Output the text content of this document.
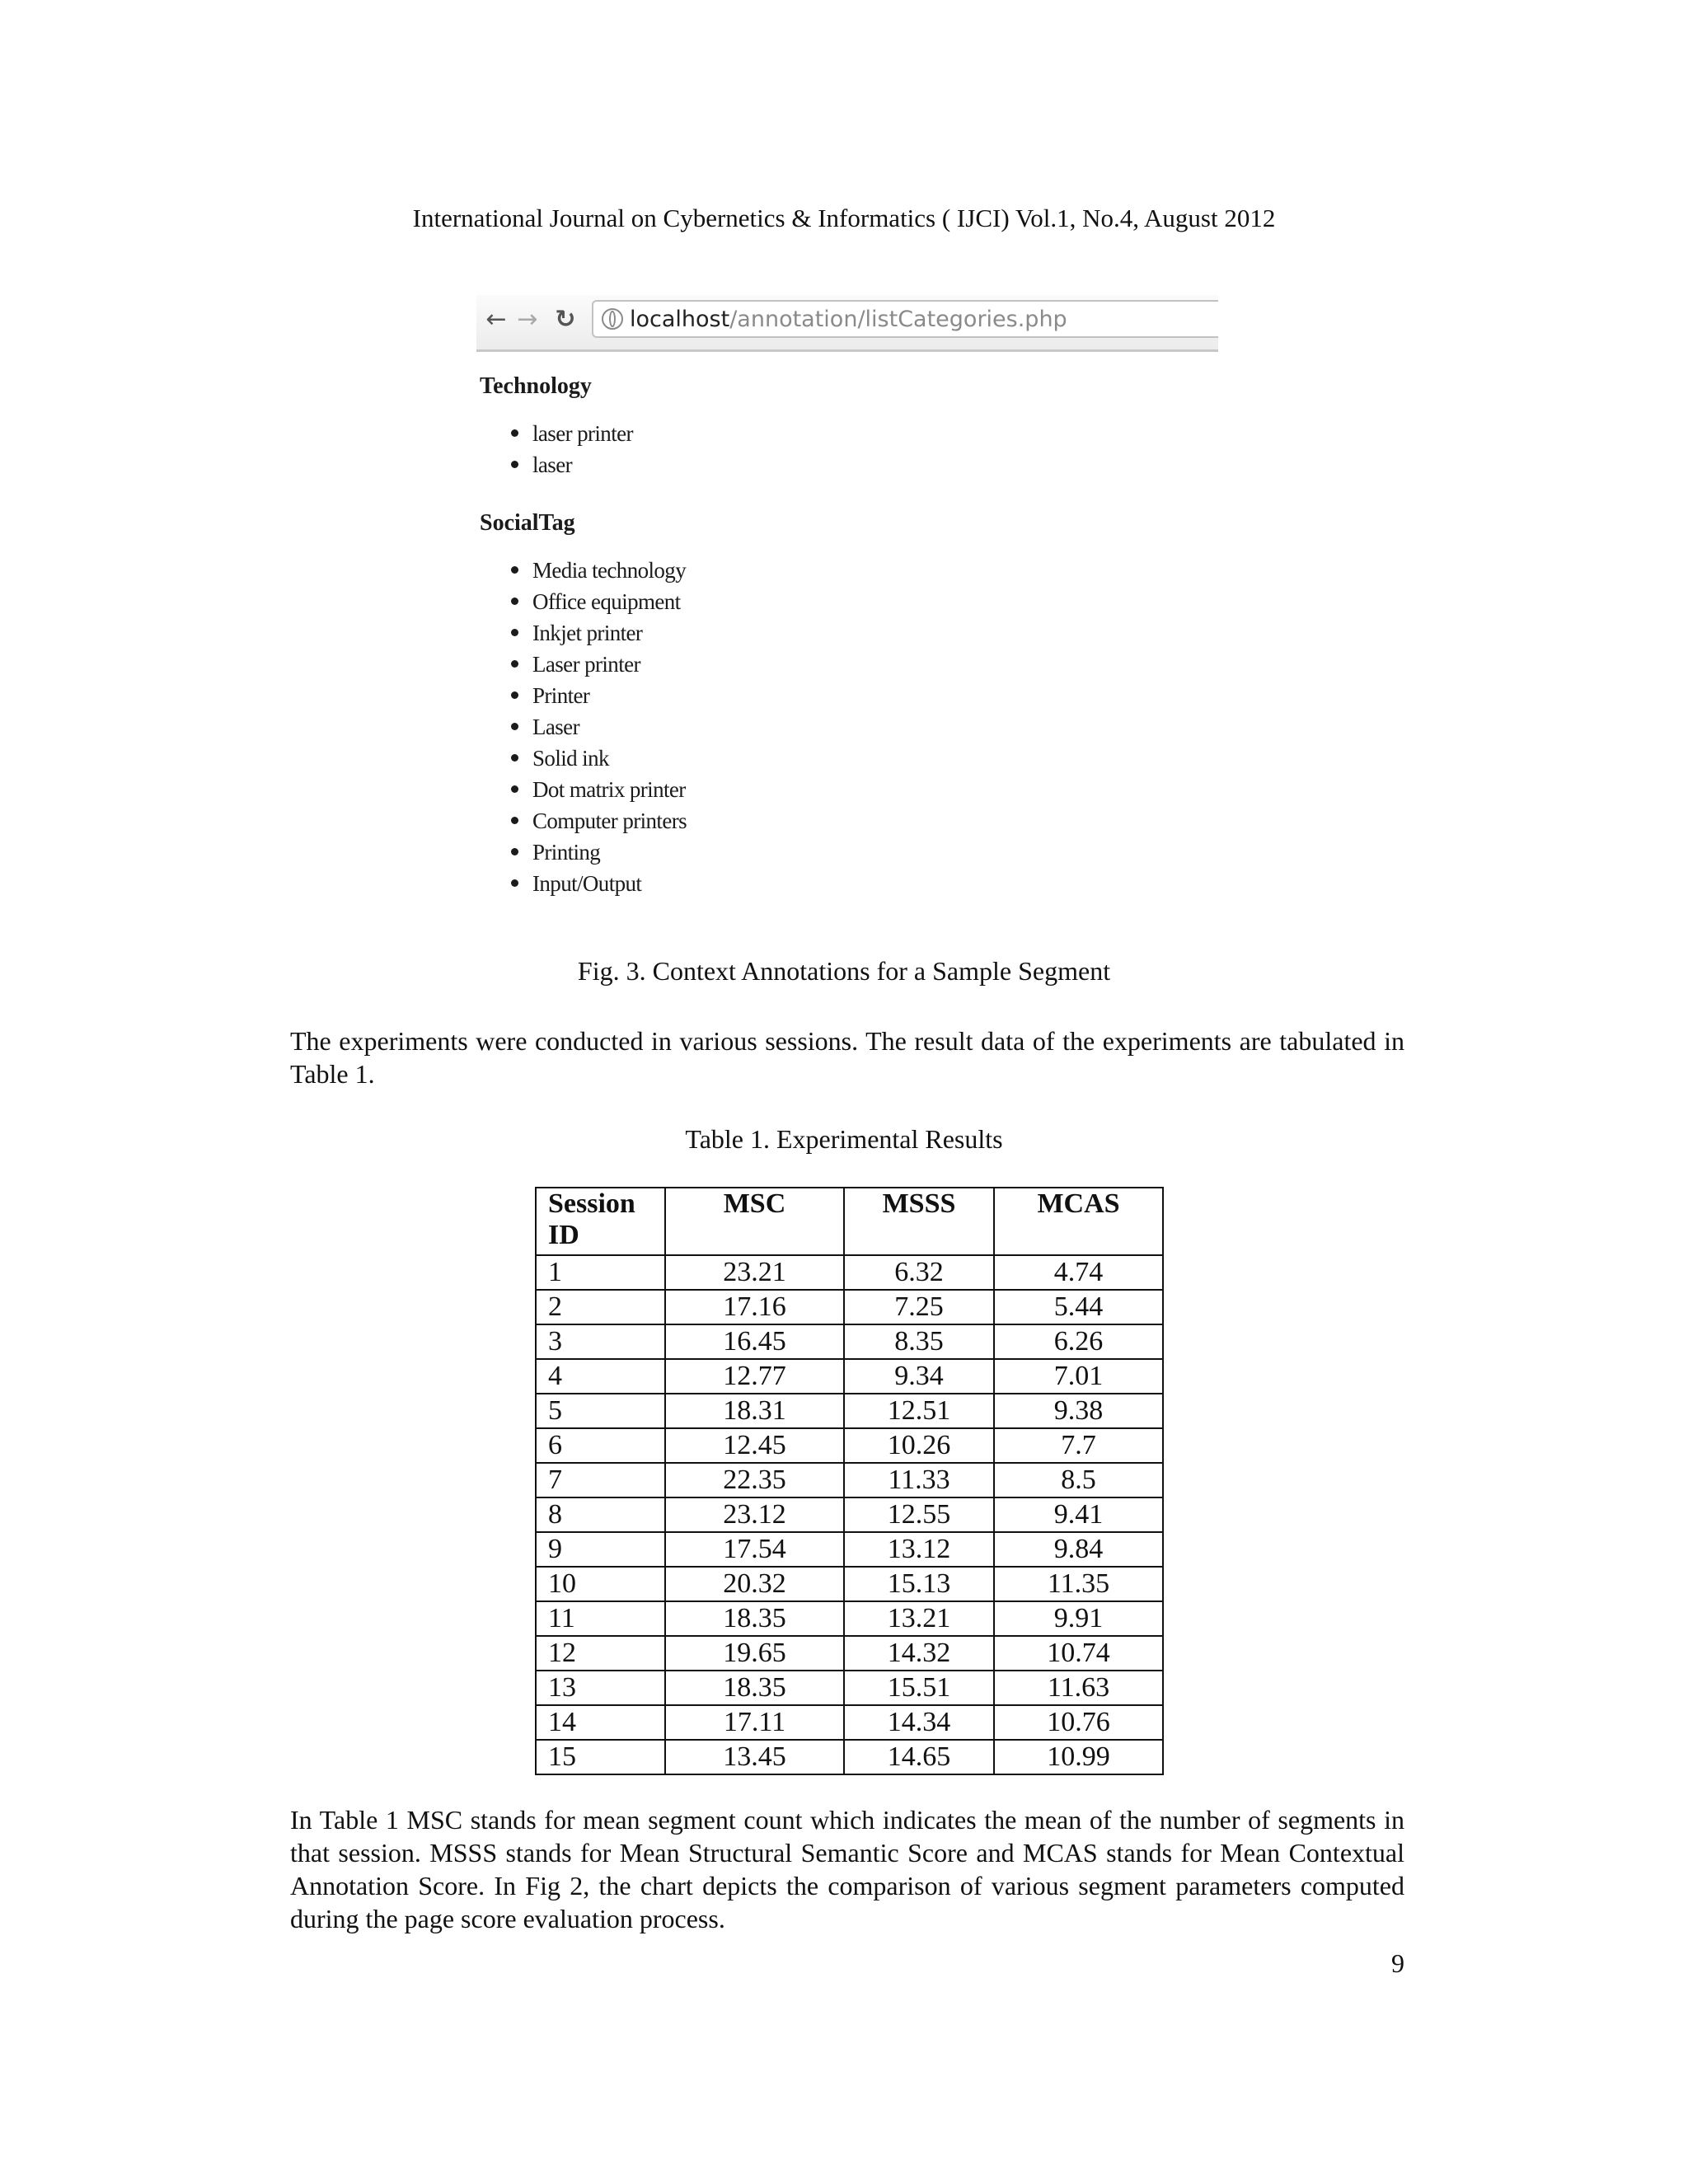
International Journal on Cybernetics & Informatics ( IJCI) Vol.1, No.4, August 2012
← → ↻ localhost/annotation/listCategories.php
Technology
laser printer
laser
SocialTag
Media technology
Office equipment
Inkjet printer
Laser printer
Printer
Laser
Solid ink
Dot matrix printer
Computer printers
Printing
Input/Output
Fig. 3. Context Annotations for a Sample Segment

The experiments were conducted in various sessions. The result data of the experiments are tabulated in Table 1.

Table 1. Experimental Results
Session ID	MSC	MSSS	MCAS
1	23.21	6.32	4.74
2	17.16	7.25	5.44
3	16.45	8.35	6.26
4	12.77	9.34	7.01
5	18.31	12.51	9.38
6	12.45	10.26	7.7
7	22.35	11.33	8.5
8	23.12	12.55	9.41
9	17.54	13.12	9.84
10	20.32	15.13	11.35
11	18.35	13.21	9.91
12	19.65	14.32	10.74
13	18.35	15.51	11.63
14	17.11	14.34	10.76
15	13.45	14.65	10.99

In Table 1 MSC stands for mean segment count which indicates the mean of the number of segments in that session. MSSS stands for Mean Structural Semantic Score and MCAS stands for Mean Contextual Annotation Score. In Fig 2, the chart depicts the comparison of various segment parameters computed during the page score evaluation process.

9
